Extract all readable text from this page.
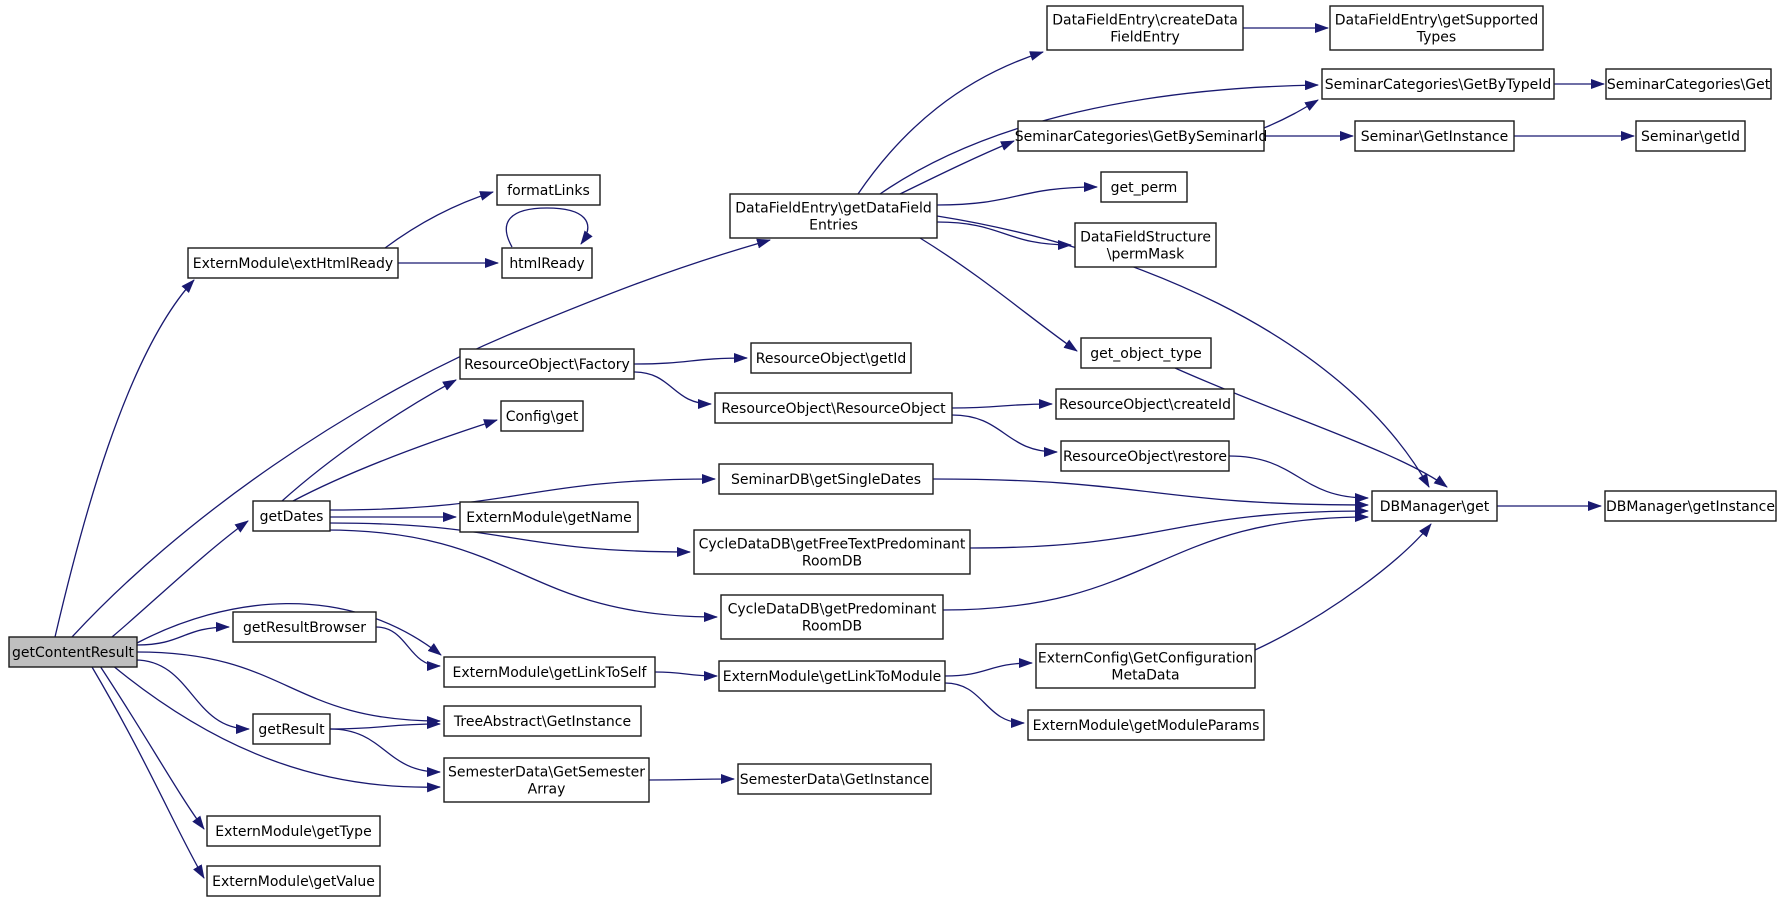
getContentResult
ExternModule\extHtmlReady
formatLinks
htmlReady
DataFieldEntry\getDataField
Entries
DataFieldEntry\createData
FieldEntry
DataFieldEntry\getSupported
Types
SeminarCategories\GetByTypeId	SeminarCategories\Get
SeminarCategories\GetBySeminarId	Seminar\GetInstance	Seminar\getId
get_perm
DataFieldStructure
\permMask
get_object_type
ResourceObject\Factory	ResourceObject\getId
ResourceObject\ResourceObject	ResourceObject\createId
ResourceObject\restore
Config\get
SeminarDB\getSingleDates
getDates	ExternModule\getName
CycleDataDB\getFreeTextPredominant
RoomDB
CycleDataDB\getPredominant
RoomDB
DBManager\get	DBManager\getInstance
getResultBrowser
ExternModule\getLinkToSelf	ExternModule\getLinkToModule
ExternConfig\GetConfiguration
MetaData
ExternModule\getModuleParams
getResult	TreeAbstract\GetInstance
SemesterData\GetSemester
Array
SemesterData\GetInstance
ExternModule\getType
ExternModule\getValue
